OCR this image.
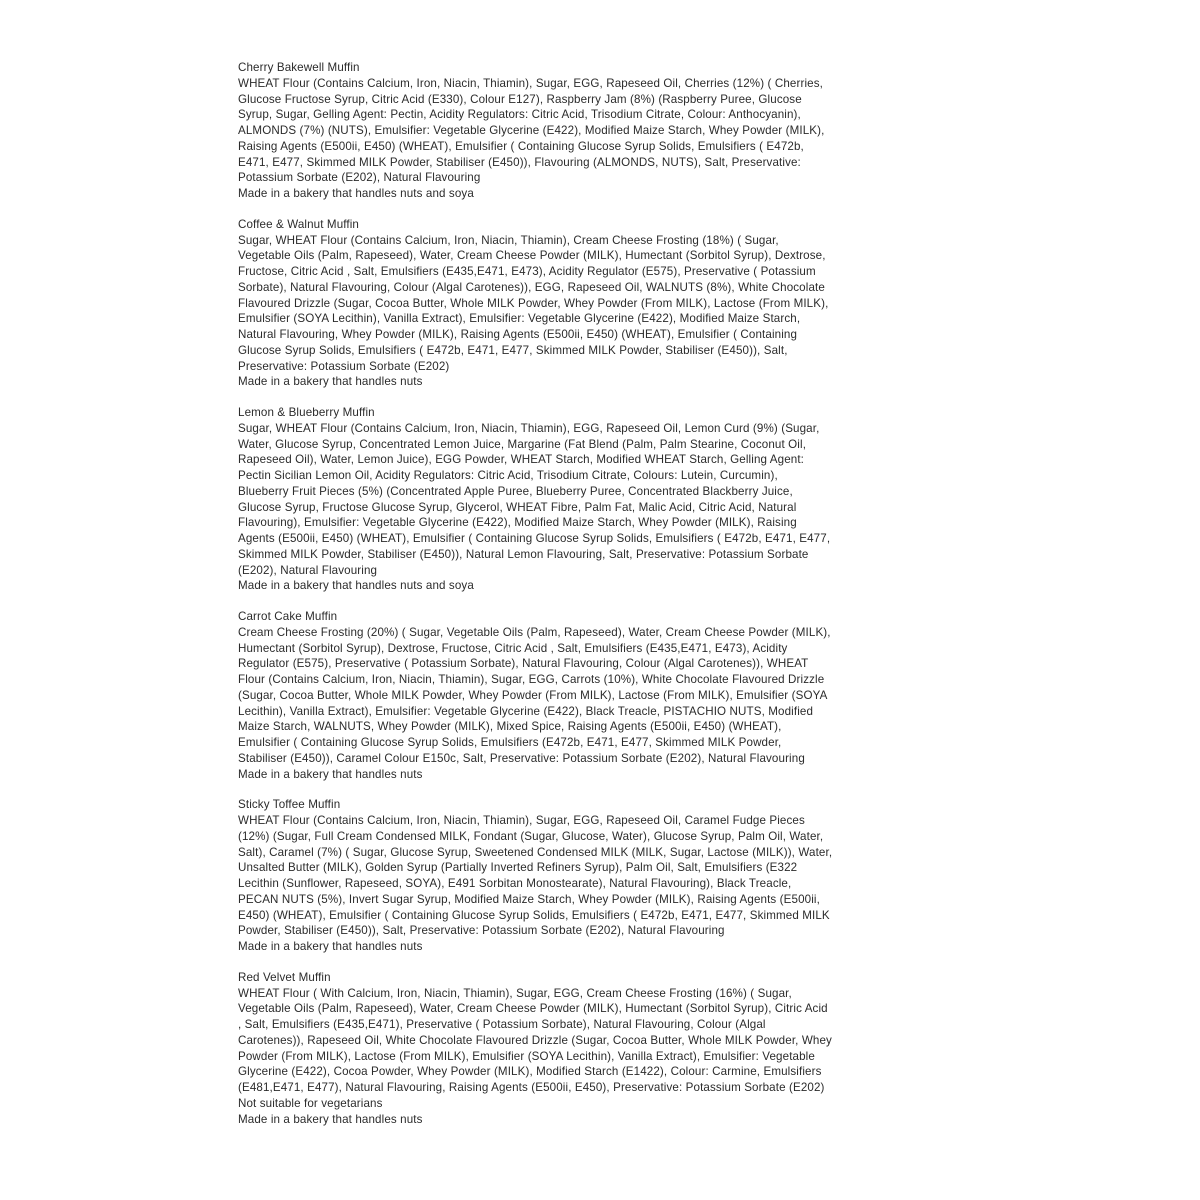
Cherry Bakewell Muffin

WHEAT Flour (Contains Calcium, Iron, Niacin, Thiamin), Sugar, EGG, Rapeseed Oil, Cherries (12%) ( Cherries,
Glucose Fructose Syrup, Citric Acid (E330), Colour E127), Raspberry Jam (8%) (Raspberry Puree, Glucose
Syrup, Sugar, Gelling Agent: Pectin, Acidity Regulators: Citric Acid, Trisodium Citrate, Colour: Anthocyanin),
ALMONDS (7%) (NUTS), Emulsifier: Vegetable Glycerine (E422), Modified Maize Starch, Whey Powder (MILK),
Raising Agents (E500ii, E450) (WHEAT), Emulsifier ( Containing Glucose Syrup Solids, Emulsifiers ( E472b,
E471, E477, Skimmed MILK Powder, Stabiliser (E450)), Flavouring (ALMONDS, NUTS), Salt, Preservative:
Potassium Sorbate (E202), Natural Flavouring

Made in a bakery that handles nuts and soya

Coffee & Walnut Muffin

Sugar, WHEAT Flour (Contains Calcium, Iron, Niacin, Thiamin), Cream Cheese Frosting (18%) ( Sugar,
Vegetable Oils (Palm, Rapeseed), Water, Cream Cheese Powder (MILK), Humectant (Sorbitol Syrup), Dextrose,
Fructose, Citric Acid , Salt, Emulsifiers (E435,E471, E473), Acidity Regulator (E575), Preservative ( Potassium
Sorbate), Natural Flavouring, Colour (Algal Carotenes)), EGG, Rapeseed Oil, WALNUTS (8%), White Chocolate
Flavoured Drizzle (Sugar, Cocoa Butter, Whole MILK Powder, Whey Powder (From MILK), Lactose (From MILK),
Emulsifier (SOYA Lecithin), Vanilla Extract), Emulsifier: Vegetable Glycerine (E422), Modified Maize Starch,
Natural Flavouring, Whey Powder (MILK), Raising Agents (E500ii, E450) (WHEAT), Emulsifier ( Containing
Glucose Syrup Solids, Emulsifiers ( E472b, E471, E477, Skimmed MILK Powder, Stabiliser (E450)), Salt,
Preservative: Potassium Sorbate (E202)

Made in a bakery that handles nuts

Lemon & Blueberry Muffin

Sugar, WHEAT Flour (Contains Calcium, Iron, Niacin, Thiamin), EGG, Rapeseed Oil, Lemon Curd (9%) (Sugar,
Water, Glucose Syrup, Concentrated Lemon Juice, Margarine (Fat Blend (Palm, Palm Stearine, Coconut Oil,
Rapeseed Oil), Water, Lemon Juice), EGG Powder, WHEAT Starch, Modified WHEAT Starch, Gelling Agent:
Pectin Sicilian Lemon Oil, Acidity Regulators: Citric Acid, Trisodium Citrate, Colours: Lutein, Curcumin),
Blueberry Fruit Pieces (5%) (Concentrated Apple Puree, Blueberry Puree, Concentrated Blackberry Juice,
Glucose Syrup, Fructose Glucose Syrup, Glycerol, WHEAT Fibre, Palm Fat, Malic Acid, Citric Acid, Natural
Flavouring), Emulsifier: Vegetable Glycerine (E422), Modified Maize Starch, Whey Powder (MILK), Raising
Agents (E500ii, E450) (WHEAT), Emulsifier ( Containing Glucose Syrup Solids, Emulsifiers ( E472b, E471, E477,
Skimmed MILK Powder, Stabiliser (E450)), Natural Lemon Flavouring, Salt, Preservative: Potassium Sorbate
(E202), Natural Flavouring

Made in a bakery that handles nuts and soya

Carrot Cake Muffin

Cream Cheese Frosting (20%) ( Sugar, Vegetable Oils (Palm, Rapeseed), Water, Cream Cheese Powder (MILK),
Humectant (Sorbitol Syrup), Dextrose, Fructose, Citric Acid , Salt, Emulsifiers (E435,E471, E473), Acidity
Regulator (E575), Preservative ( Potassium Sorbate), Natural Flavouring, Colour (Algal Carotenes)), WHEAT
Flour (Contains Calcium, Iron, Niacin, Thiamin), Sugar, EGG, Carrots (10%), White Chocolate Flavoured Drizzle
(Sugar, Cocoa Butter, Whole MILK Powder, Whey Powder (From MILK), Lactose (From MILK), Emulsifier (SOYA
Lecithin), Vanilla Extract), Emulsifier: Vegetable Glycerine (E422), Black Treacle, PISTACHIO NUTS, Modified
Maize Starch, WALNUTS, Whey Powder (MILK), Mixed Spice, Raising Agents (E500ii, E450) (WHEAT),
Emulsifier ( Containing Glucose Syrup Solids, Emulsifiers (E472b, E471, E477, Skimmed MILK Powder,
Stabiliser (E450)), Caramel Colour E150c, Salt, Preservative: Potassium Sorbate (E202), Natural Flavouring

Made in a bakery that handles nuts

Sticky Toffee Muffin

WHEAT Flour (Contains Calcium, Iron, Niacin, Thiamin), Sugar, EGG, Rapeseed Oil, Caramel Fudge Pieces
(12%) (Sugar, Full Cream Condensed MILK, Fondant (Sugar, Glucose, Water), Glucose Syrup, Palm Oil, Water,
Salt), Caramel (7%) ( Sugar, Glucose Syrup, Sweetened Condensed MILK (MILK, Sugar, Lactose (MILK)), Water,
Unsalted Butter (MILK), Golden Syrup (Partially Inverted Refiners Syrup), Palm Oil, Salt, Emulsifiers (E322
Lecithin (Sunflower, Rapeseed, SOYA), E491 Sorbitan Monostearate), Natural Flavouring), Black Treacle,
PECAN NUTS (5%), Invert Sugar Syrup, Modified Maize Starch, Whey Powder (MILK), Raising Agents (E500ii,
E450) (WHEAT), Emulsifier ( Containing Glucose Syrup Solids, Emulsifiers ( E472b, E471, E477, Skimmed MILK
Powder, Stabiliser (E450)), Salt, Preservative: Potassium Sorbate (E202), Natural Flavouring

Made in a bakery that handles nuts

Red Velvet Muffin

WHEAT Flour ( With Calcium, Iron, Niacin, Thiamin), Sugar, EGG, Cream Cheese Frosting (16%) ( Sugar,
Vegetable Oils (Palm, Rapeseed), Water, Cream Cheese Powder (MILK), Humectant (Sorbitol Syrup), Citric Acid
, Salt, Emulsifiers (E435,E471), Preservative ( Potassium Sorbate), Natural Flavouring, Colour (Algal
Carotenes)), Rapeseed Oil, White Chocolate Flavoured Drizzle (Sugar, Cocoa Butter, Whole MILK Powder, Whey
Powder (From MILK), Lactose (From MILK), Emulsifier (SOYA Lecithin), Vanilla Extract), Emulsifier: Vegetable
Glycerine (E422), Cocoa Powder, Whey Powder (MILK), Modified Starch (E1422), Colour: Carmine, Emulsifiers
(E481,E471, E477), Natural Flavouring, Raising Agents (E500ii, E450), Preservative: Potassium Sorbate (E202)

Not suitable for vegetarians

Made in a bakery that handles nuts
